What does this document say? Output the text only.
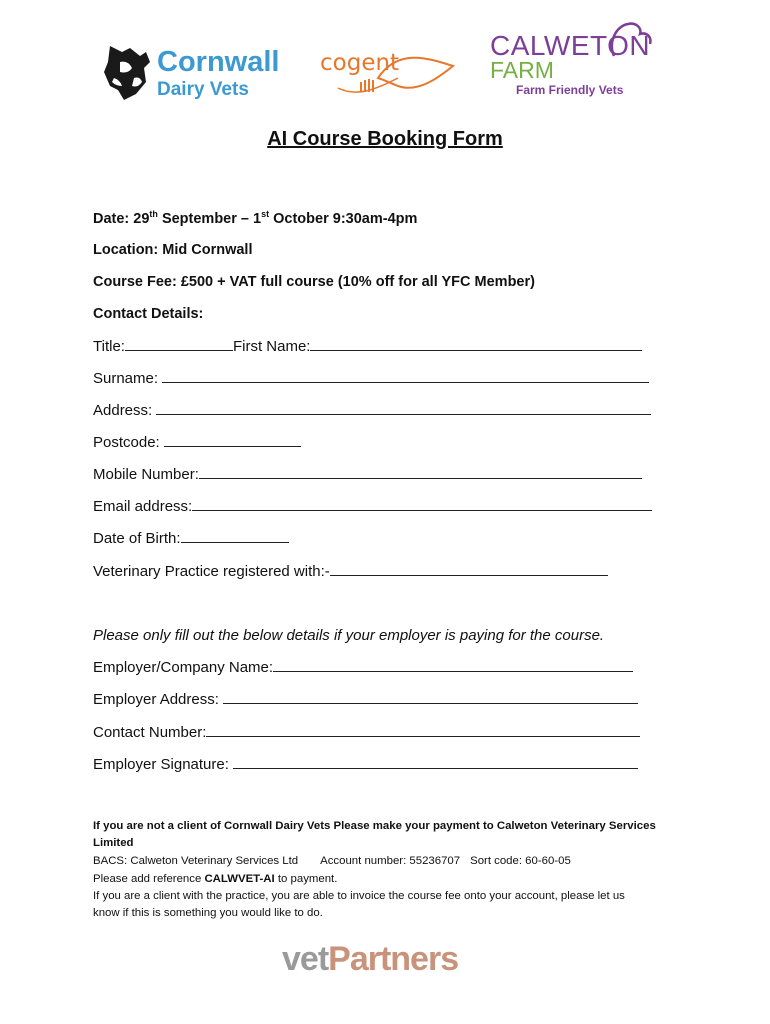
Cornwall
Dairy Vets
cogent
CALWETON
FARM
Farm Friendly Vets
AI Course Booking Form
Date: 29th September – 1st October 9:30am-4pm
Location: Mid Cornwall
Course Fee: £500 + VAT full course (10% off for all YFC Member)
Contact Details:
Title:	First Name:
Surname:
Address:
Postcode:
Mobile Number:
Email address:
Date of Birth:
Veterinary Practice registered with:-
Please only fill out the below details if your employer is paying for the course.
Employer/Company Name:
Employer Address:
Contact Number:
Employer Signature:
If you are not a client of Cornwall Dairy Vets Please make your payment to Calweton Veterinary Services
Limited
BACS: Calweton Veterinary Services Ltd Account number: 55236707 Sort code: 60-60-05
Please add reference CALWVET-AI to payment.
If you are a client with the practice, you are able to invoice the course fee onto your account, please let us
know if this is something you would like to do.
vetPartners
